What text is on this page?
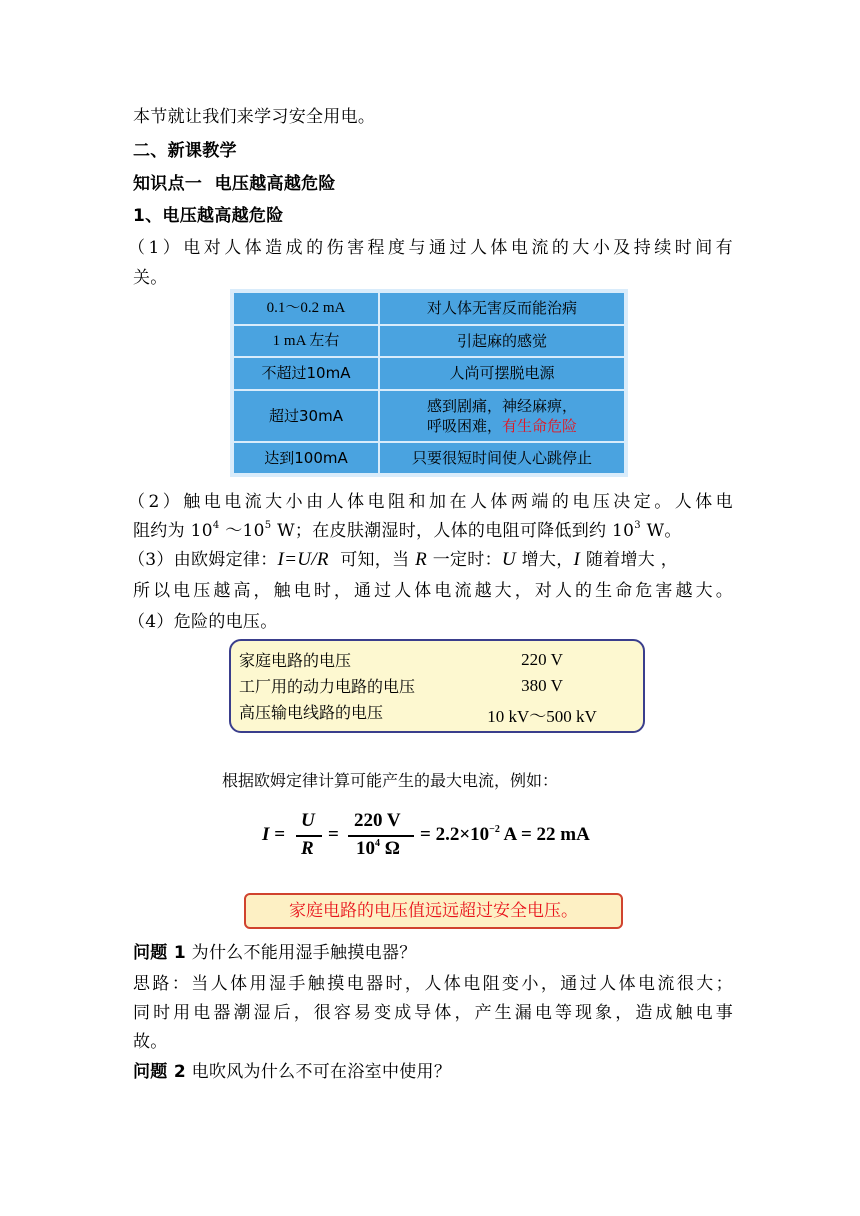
本节就让我们来学习安全用电。

二、新课教学

知识点一  电压越高越危险

1、电压越高越危险

（1）电对人体造成的伤害程度与通过人体电流的大小及持续时间有

关。

0.1～0.2 mA	对人体无害反而能治病
1 mA 左右	引起麻的感觉
不超过10mA	人尚可摆脱电源
超过30mA	感到剧痛，神经麻痹，
呼吸困难，有生命危险

达到100mA	只要很短时间使人心跳停止

（2）触电电流大小由人体电阻和加在人体两端的电压决定。人体电

阻约为 $10^4$ $\sim 10^5$ W；在皮肤潮湿时，人体的电阻可降低到约 $10^3$ W。

（3）由欧姆定律：I=U/R  可知，当 R 一定时：U 增大，I 随着增大 ，

所以电压越高，触电时，通过人体电流越大，对人的生命危害越大。

（4）危险的电压。

家庭电路的电压	220 V
工厂用的动力电路的电压	380 V
高压输电线路的电压	10 kV～500 kV
根据欧姆定律计算可能产生的最大电流，例如：
I =
U
R
=
220 V
$10^4$ Ω
= $2.2\times 10^{-2}$ A = 22 mA
家庭电路的电压值远远超过安全电压。

问题 1 为什么不能用湿手触摸电器？

思路：当人体用湿手触摸电器时，人体电阻变小，通过人体电流很大；

同时用电器潮湿后，很容易变成导体，产生漏电等现象，造成触电事

故。

问题 2 电吹风为什么不可在浴室中使用？
